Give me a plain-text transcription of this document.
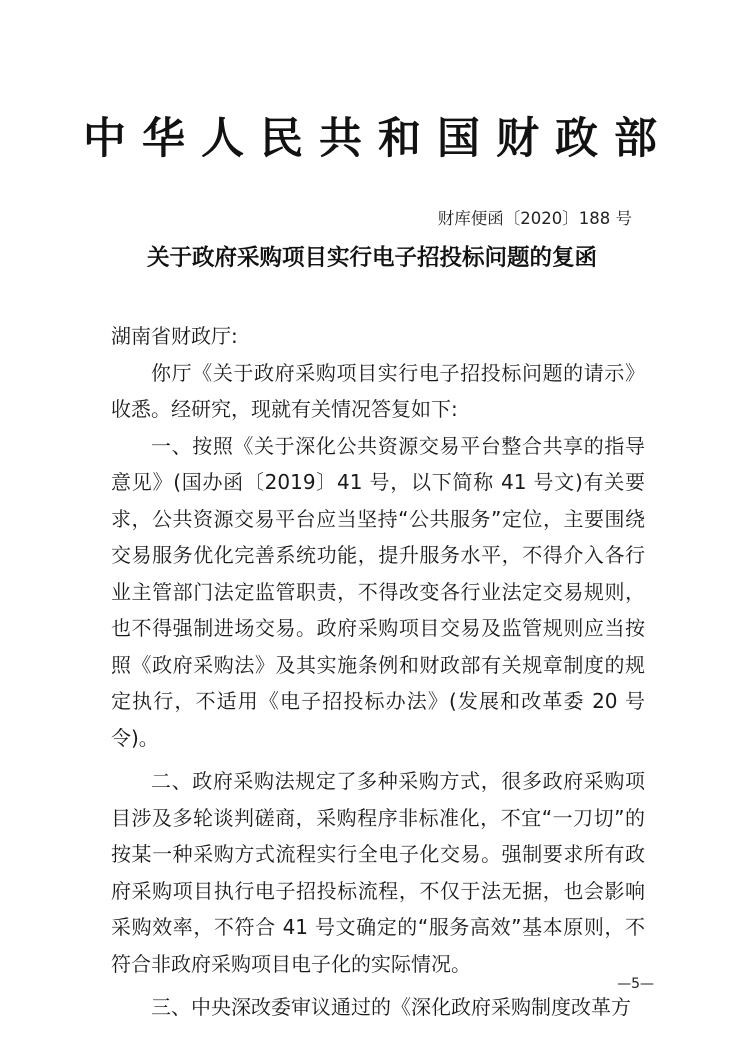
中华人民共和国财政部
财库便函〔2020〕188 号
关于政府采购项目实行电子招投标问题的复函

湖南省财政厅:

你厅《关于政府采购项目实行电子招投标问题的请示》收悉。经研究，现就有关情况答复如下:

一、按照《关于深化公共资源交易平台整合共享的指导意见》(国办函〔2019〕41 号，以下简称 41 号文)有关要求，公共资源交易平台应当坚持“公共服务”定位，主要围绕交易服务优化完善系统功能，提升服务水平，不得介入各行业主管部门法定监管职责，不得改变各行业法定交易规则，也不得强制进场交易。政府采购项目交易及监管规则应当按照《政府采购法》及其实施条例和财政部有关规章制度的规定执行，不适用《电子招投标办法》(发展和改革委 20 号令)。

二、政府采购法规定了多种采购方式，很多政府采购项目涉及多轮谈判磋商，采购程序非标准化，不宜“一刀切”的按某一种采购方式流程实行全电子化交易。强制要求所有政府采购项目执行电子招投标流程，不仅于法无据，也会影响采购效率，不符合 41 号文确定的“服务高效”基本原则，不符合非政府采购项目电子化的实际情况。

三、中央深改委审议通过的《深化政府采购制度改革方

—5—
